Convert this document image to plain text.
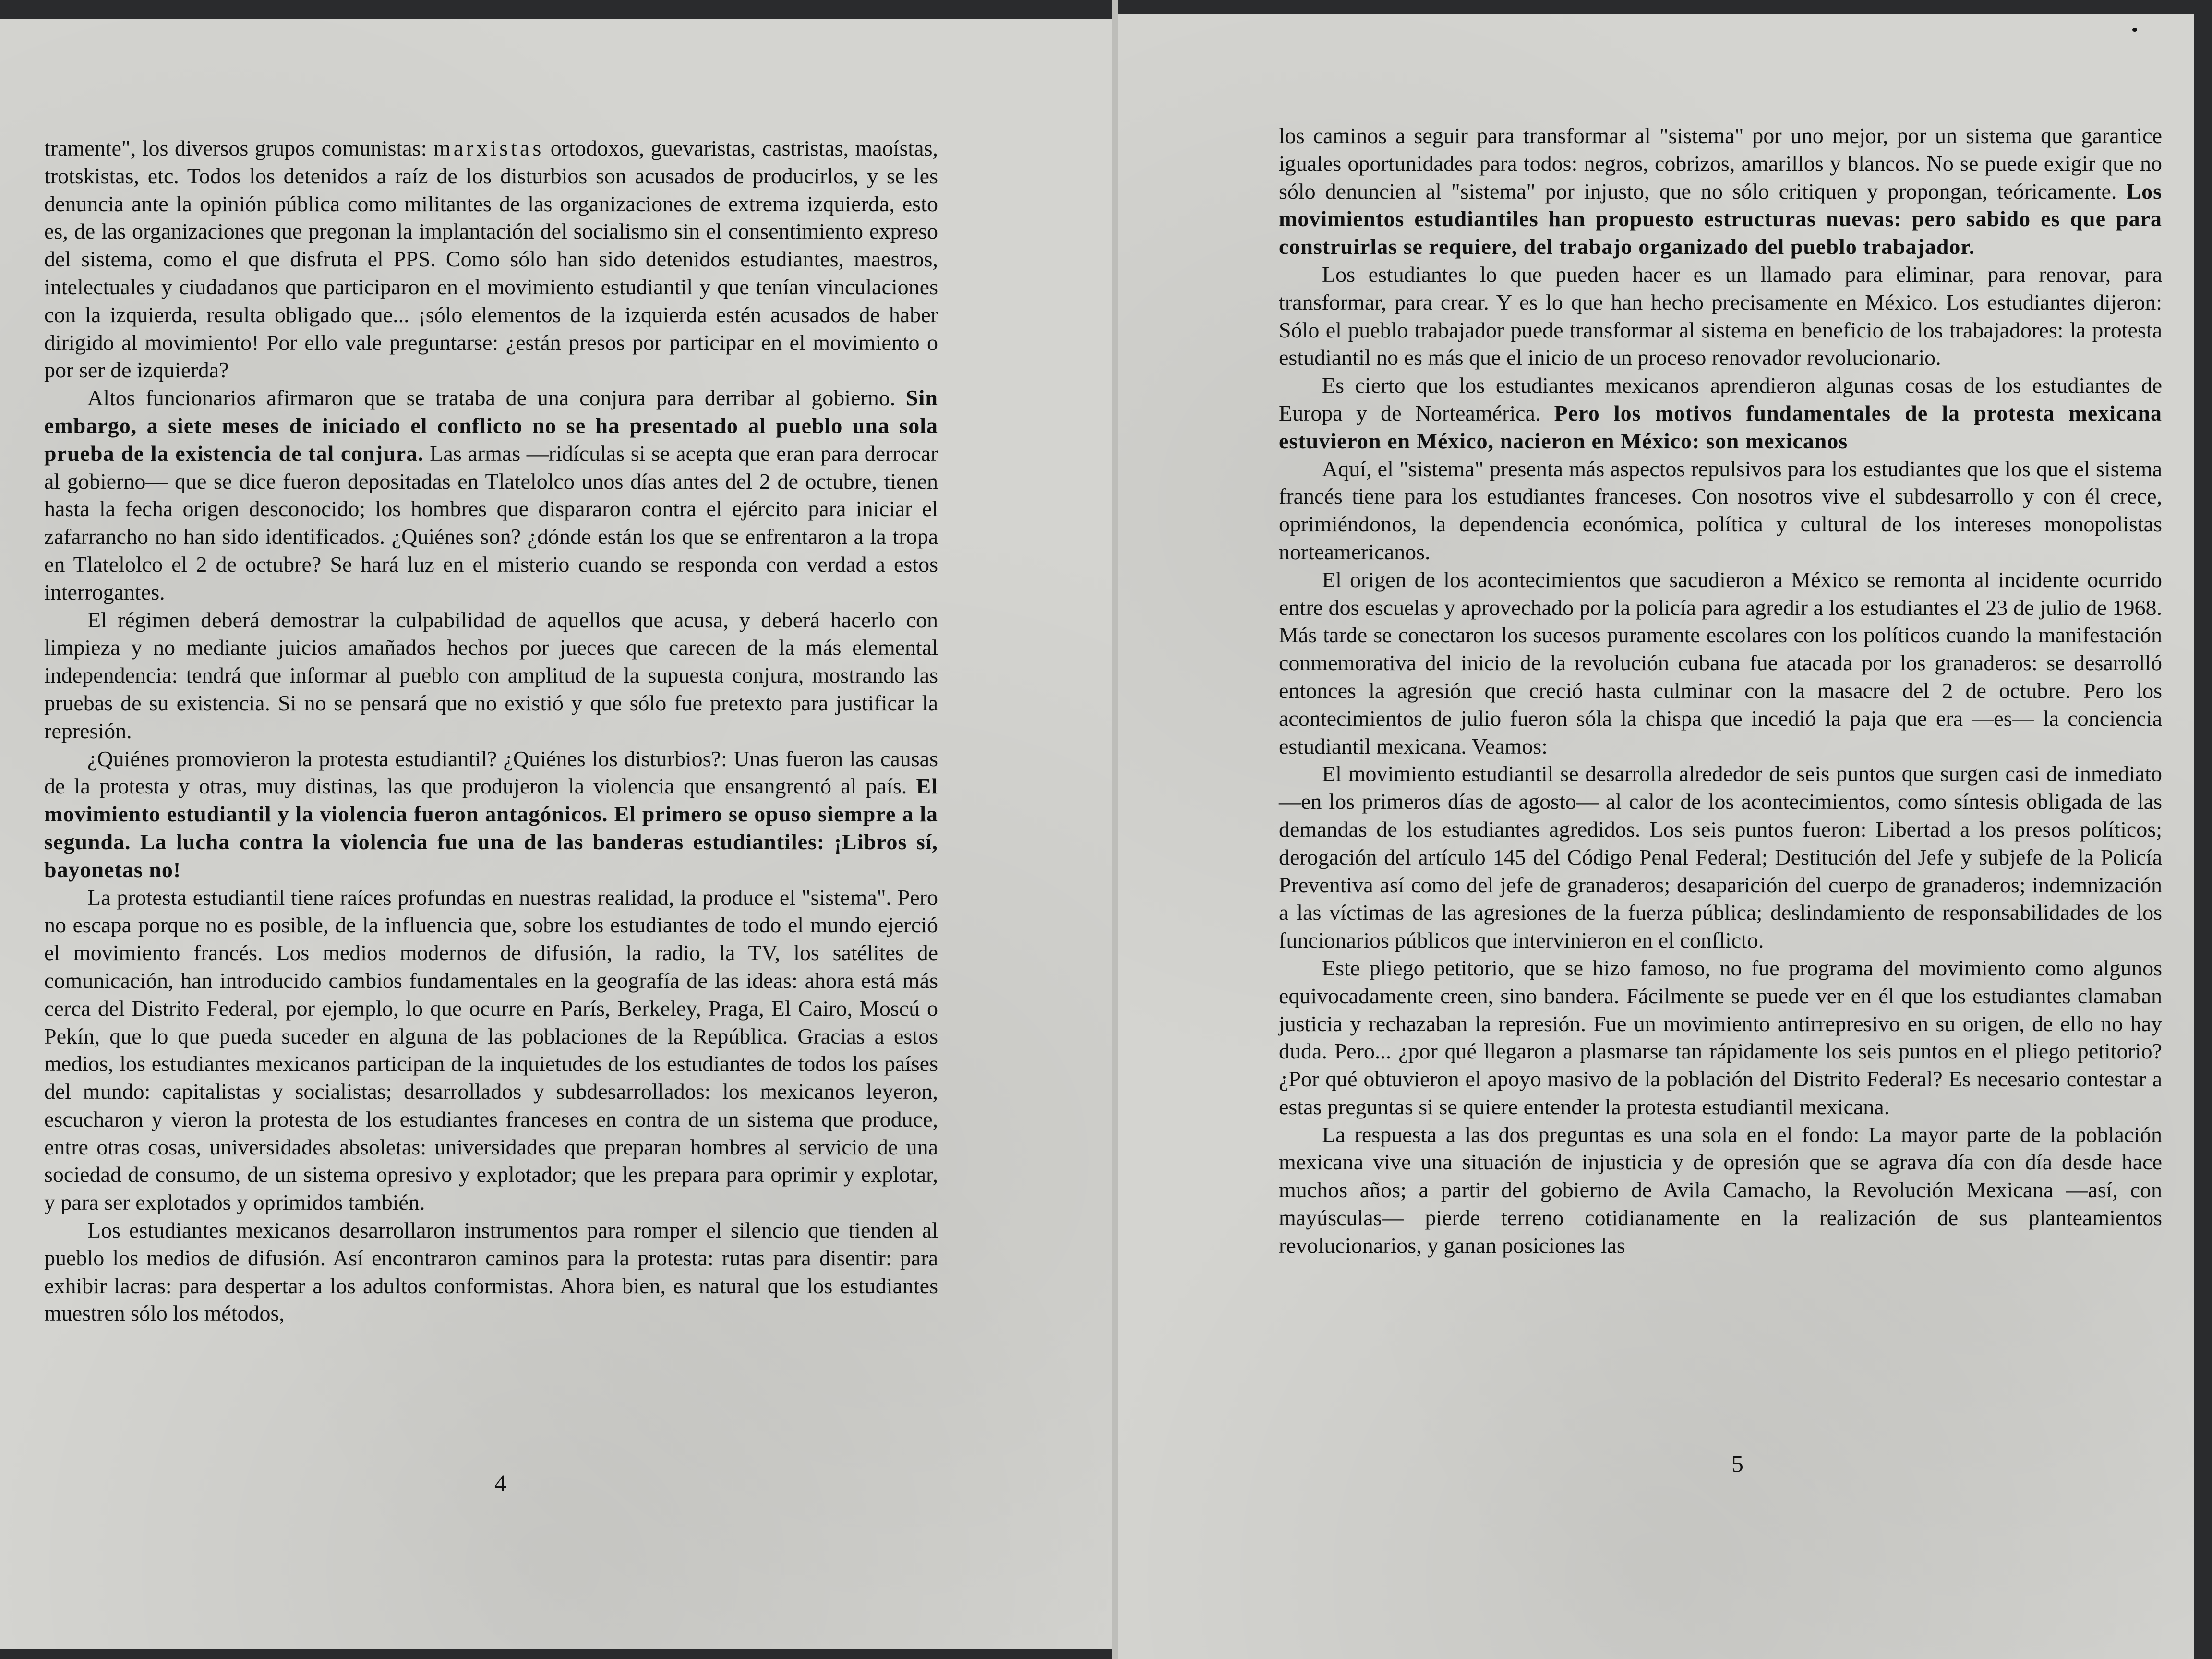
tramente", los diversos grupos comunistas: marxistas ortodoxos, guevaristas, castristas, maoístas, trotskistas, etc. Todos los detenidos a raíz de los disturbios son acusados de producirlos, y se les denuncia ante la opinión pública como militantes de las organizaciones de extrema izquierda, esto es, de las organizaciones que pregonan la implantación del socialismo sin el consentimiento expreso del sistema, como el que disfruta el PPS. Como sólo han sido detenidos estudiantes, maestros, intelectuales y ciudadanos que participaron en el movimiento estudiantil y que tenían vinculaciones con la izquierda, resulta obligado que... ¡sólo elementos de la izquierda estén acusados de haber dirigido al movimiento! Por ello vale preguntarse: ¿están presos por participar en el movimiento o por ser de izquierda?

Altos funcionarios afirmaron que se trataba de una conjura para derribar al gobierno. Sin embargo, a siete meses de iniciado el conflicto no se ha presentado al pueblo una sola prueba de la existencia de tal conjura. Las armas —ridículas si se acepta que eran para derrocar al gobierno— que se dice fueron depositadas en Tlatelolco unos días antes del 2 de octubre, tienen hasta la fecha origen desconocido; los hombres que dispararon contra el ejército para iniciar el zafarrancho no han sido identificados. ¿Quiénes son? ¿dónde están los que se enfrentaron a la tropa en Tlatelolco el 2 de octubre? Se hará luz en el misterio cuando se responda con verdad a estos interrogantes.

El régimen deberá demostrar la culpabilidad de aquellos que acusa, y deberá hacerlo con limpieza y no mediante juicios amañados hechos por jueces que carecen de la más elemental independencia: tendrá que informar al pueblo con amplitud de la supuesta conjura, mostrando las pruebas de su existencia. Si no se pensará que no existió y que sólo fue pretexto para justificar la represión.

¿Quiénes promovieron la protesta estudiantil? ¿Quiénes los disturbios?: Unas fueron las causas de la protesta y otras, muy distinas, las que produjeron la violencia que ensangrentó al país. El movimiento estudiantil y la violencia fueron antagónicos. El primero se opuso siempre a la segunda. La lucha contra la violencia fue una de las banderas estudiantiles: ¡Libros sí, bayonetas no!

La protesta estudiantil tiene raíces profundas en nuestras realidad, la produce el "sistema". Pero no escapa porque no es posible, de la influencia que, sobre los estudiantes de todo el mundo ejerció el movimiento francés. Los medios modernos de difusión, la radio, la TV, los satélites de comunicación, han introducido cambios fundamentales en la geografía de las ideas: ahora está más cerca del Distrito Federal, por ejemplo, lo que ocurre en París, Berkeley, Praga, El Cairo, Moscú o Pekín, que lo que pueda suceder en alguna de las poblaciones de la República. Gracias a estos medios, los estudiantes mexicanos participan de la inquietudes de los estudiantes de todos los países del mundo: capitalistas y socialistas; desarrollados y subdesarrollados: los mexicanos leyeron, escucharon y vieron la protesta de los estudiantes franceses en contra de un sistema que produce, entre otras cosas, universidades absoletas: universidades que preparan hombres al servicio de una sociedad de consumo, de un sistema opresivo y explotador; que les prepara para oprimir y explotar, y para ser explotados y oprimidos también.

Los estudiantes mexicanos desarrollaron instrumentos para romper el silencio que tienden al pueblo los medios de difusión. Así encontraron caminos para la protesta: rutas para disentir: para exhibir lacras: para despertar a los adultos conformistas. Ahora bien, es natural que los estudiantes muestren sólo los métodos,

4

los caminos a seguir para transformar al "sistema" por uno mejor, por un sistema que garantice iguales oportunidades para todos: negros, cobrizos, amarillos y blancos. No se puede exigir que no sólo denuncien al "sistema" por injusto, que no sólo critiquen y propongan, teóricamente. Los movimientos estudiantiles han propuesto estructuras nuevas: pero sabido es que para construirlas se requiere, del trabajo organizado del pueblo trabajador.

Los estudiantes lo que pueden hacer es un llamado para eliminar, para renovar, para transformar, para crear. Y es lo que han hecho precisamente en México. Los estudiantes dijeron: Sólo el pueblo trabajador puede transformar al sistema en beneficio de los trabajadores: la protesta estudiantil no es más que el inicio de un proceso renovador revolucionario.

Es cierto que los estudiantes mexicanos aprendieron algunas cosas de los estudiantes de Europa y de Norteamérica. Pero los motivos fundamentales de la protesta mexicana estuvieron en México, nacieron en México: son mexicanos

Aquí, el "sistema" presenta más aspectos repulsivos para los estudiantes que los que el sistema francés tiene para los estudiantes franceses. Con nosotros vive el subdesarrollo y con él crece, oprimiéndonos, la dependencia económica, política y cultural de los intereses monopolistas norteamericanos.

El origen de los acontecimientos que sacudieron a México se remonta al incidente ocurrido entre dos escuelas y aprovechado por la policía para agredir a los estudiantes el 23 de julio de 1968. Más tarde se conectaron los sucesos puramente escolares con los políticos cuando la manifestación conmemorativa del inicio de la revolución cubana fue atacada por los granaderos: se desarrolló entonces la agresión que creció hasta culminar con la masacre del 2 de octubre. Pero los acontecimientos de julio fueron sóla la chispa que incedió la paja que era —es— la conciencia estudiantil mexicana. Veamos:

El movimiento estudiantil se desarrolla alrededor de seis puntos que surgen casi de inmediato —en los primeros días de agosto— al calor de los acontecimientos, como síntesis obligada de las demandas de los estudiantes agredidos. Los seis puntos fueron: Libertad a los presos políticos; derogación del artículo 145 del Código Penal Federal; Destitución del Jefe y subjefe de la Policía Preventiva así como del jefe de granaderos; desaparición del cuerpo de granaderos; indemnización a las víctimas de las agresiones de la fuerza pública; deslindamiento de responsabilidades de los funcionarios públicos que intervinieron en el conflicto.

Este pliego petitorio, que se hizo famoso, no fue programa del movimiento como algunos equivocadamente creen, sino bandera. Fácilmente se puede ver en él que los estudiantes clamaban justicia y rechazaban la represión. Fue un movimiento antirrepresivo en su origen, de ello no hay duda. Pero... ¿por qué llegaron a plasmarse tan rápidamente los seis puntos en el pliego petitorio? ¿Por qué obtuvieron el apoyo masivo de la población del Distrito Federal? Es necesario contestar a estas preguntas si se quiere entender la protesta estudiantil mexicana.

La respuesta a las dos preguntas es una sola en el fondo: La mayor parte de la población mexicana vive una situación de injusticia y de opresión que se agrava día con día desde hace muchos años; a partir del gobierno de Avila Camacho, la Revolución Mexicana —así, con mayúsculas— pierde terreno cotidianamente en la realización de sus planteamientos revolucionarios, y ganan posiciones las

5
